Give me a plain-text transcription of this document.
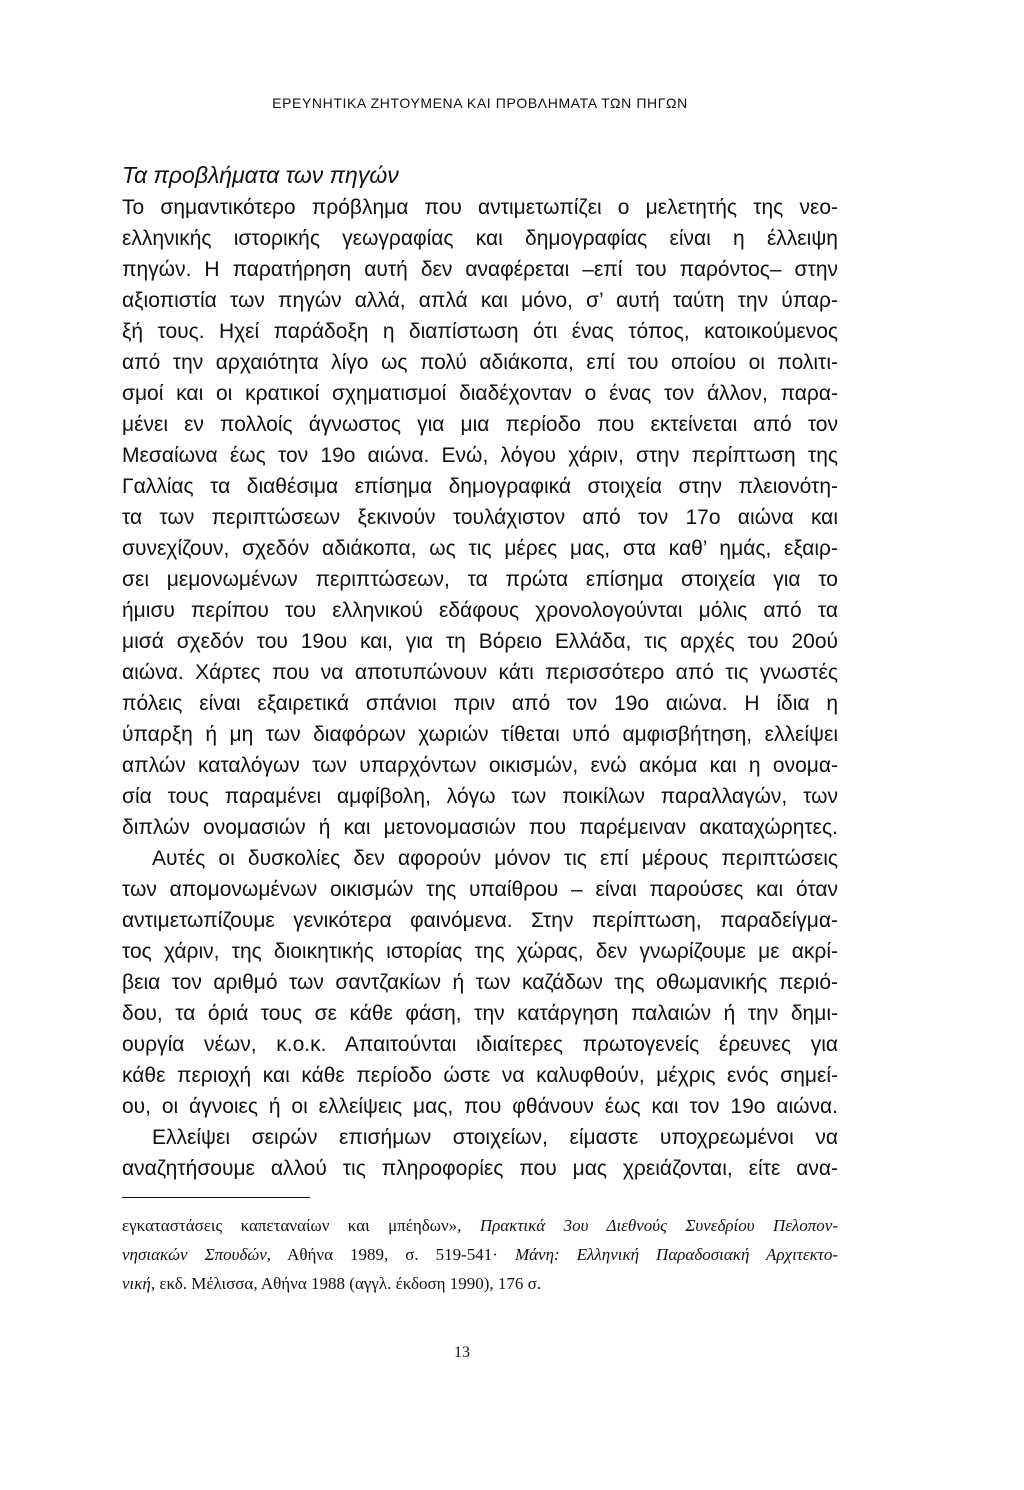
ΕΡΕΥΝΗΤΙΚΑ ΖΗΤΟΥΜΕΝΑ ΚΑΙ ΠΡΟΒΛΗΜΑΤΑ ΤΩΝ ΠΗΓΩΝ
Τα προβλήματα των πηγών
Το σημαντικότερο πρόβλημα που αντιμετωπίζει ο μελετητής της νεο-
ελληνικής ιστορικής γεωγραφίας και δημογραφίας είναι η έλλειψη
πηγών. Η παρατήρηση αυτή δεν αναφέρεται –επί του παρόντος– στην
αξιοπιστία των πηγών αλλά, απλά και μόνο, σ’ αυτή ταύτη την ύπαρ-
ξή τους. Ηχεί παράδοξη η διαπίστωση ότι ένας τόπος, κατοικούμενος
από την αρχαιότητα λίγο ως πολύ αδιάκοπα, επί του οποίου οι πολιτι-
σμοί και οι κρατικοί σχηματισμοί διαδέχονταν ο ένας τον άλλον, παρα-
μένει εν πολλοίς άγνωστος για μια περίοδο που εκτείνεται από τον
Μεσαίωνα έως τον 19ο αιώνα. Ενώ, λόγου χάριν, στην περίπτωση της
Γαλλίας τα διαθέσιμα επίσημα δημογραφικά στοιχεία στην πλειονότη-
τα των περιπτώσεων ξεκινούν τουλάχιστον από τον 17ο αιώνα και
συνεχίζουν, σχεδόν αδιάκοπα, ως τις μέρες μας, στα καθ’ ημάς, εξαιρ-
σει μεμονωμένων περιπτώσεων, τα πρώτα επίσημα στοιχεία για το
ήμισυ περίπου του ελληνικού εδάφους χρονολογούνται μόλις από τα
μισά σχεδόν του 19ου και, για τη Βόρειο Ελλάδα, τις αρχές του 20ού
αιώνα. Χάρτες που να αποτυπώνουν κάτι περισσότερο από τις γνωστές
πόλεις είναι εξαιρετικά σπάνιοι πριν από τον 19ο αιώνα. Η ίδια η
ύπαρξη ή μη των διαφόρων χωριών τίθεται υπό αμφισβήτηση, ελλείψει
απλών καταλόγων των υπαρχόντων οικισμών, ενώ ακόμα και η ονομα-
σία τους παραμένει αμφίβολη, λόγω των ποικίλων παραλλαγών, των
διπλών ονομασιών ή και μετονομασιών που παρέμειναν ακαταχώρητες.
Αυτές οι δυσκολίες δεν αφορούν μόνον τις επί μέρους περιπτώσεις
των απομονωμένων οικισμών της υπαίθρου – είναι παρούσες και όταν
αντιμετωπίζουμε γενικότερα φαινόμενα. Στην περίπτωση, παραδείγμα-
τος χάριν, της διοικητικής ιστορίας της χώρας, δεν γνωρίζουμε με ακρί-
βεια τον αριθμό των σαντζακίων ή των καζάδων της οθωμανικής περιό-
δου, τα όριά τους σε κάθε φάση, την κατάργηση παλαιών ή την δημι-
ουργία νέων, κ.ο.κ. Απαιτούνται ιδιαίτερες πρωτογενείς έρευνες για
κάθε περιοχή και κάθε περίοδο ώστε να καλυφθούν, μέχρις ενός σημεί-
ου, οι άγνοιες ή οι ελλείψεις μας, που φθάνουν έως και τον 19ο αιώνα.
Ελλείψει σειρών επισήμων στοιχείων, είμαστε υποχρεωμένοι να
αναζητήσουμε αλλού τις πληροφορίες που μας χρειάζονται, είτε ανα-
εγκαταστάσεις καπεταναίων και μπέηδων», Πρακτικά 3ου Διεθνούς Συνεδρίου Πελοπον-
νησιακών Σπουδών, Αθήνα 1989, σ. 519-541· Μάνη: Ελληνική Παραδοσιακή Αρχιτεκτο-
νική, εκδ. Μέλισσα, Αθήνα 1988 (αγγλ. έκδοση 1990), 176 σ.
13
